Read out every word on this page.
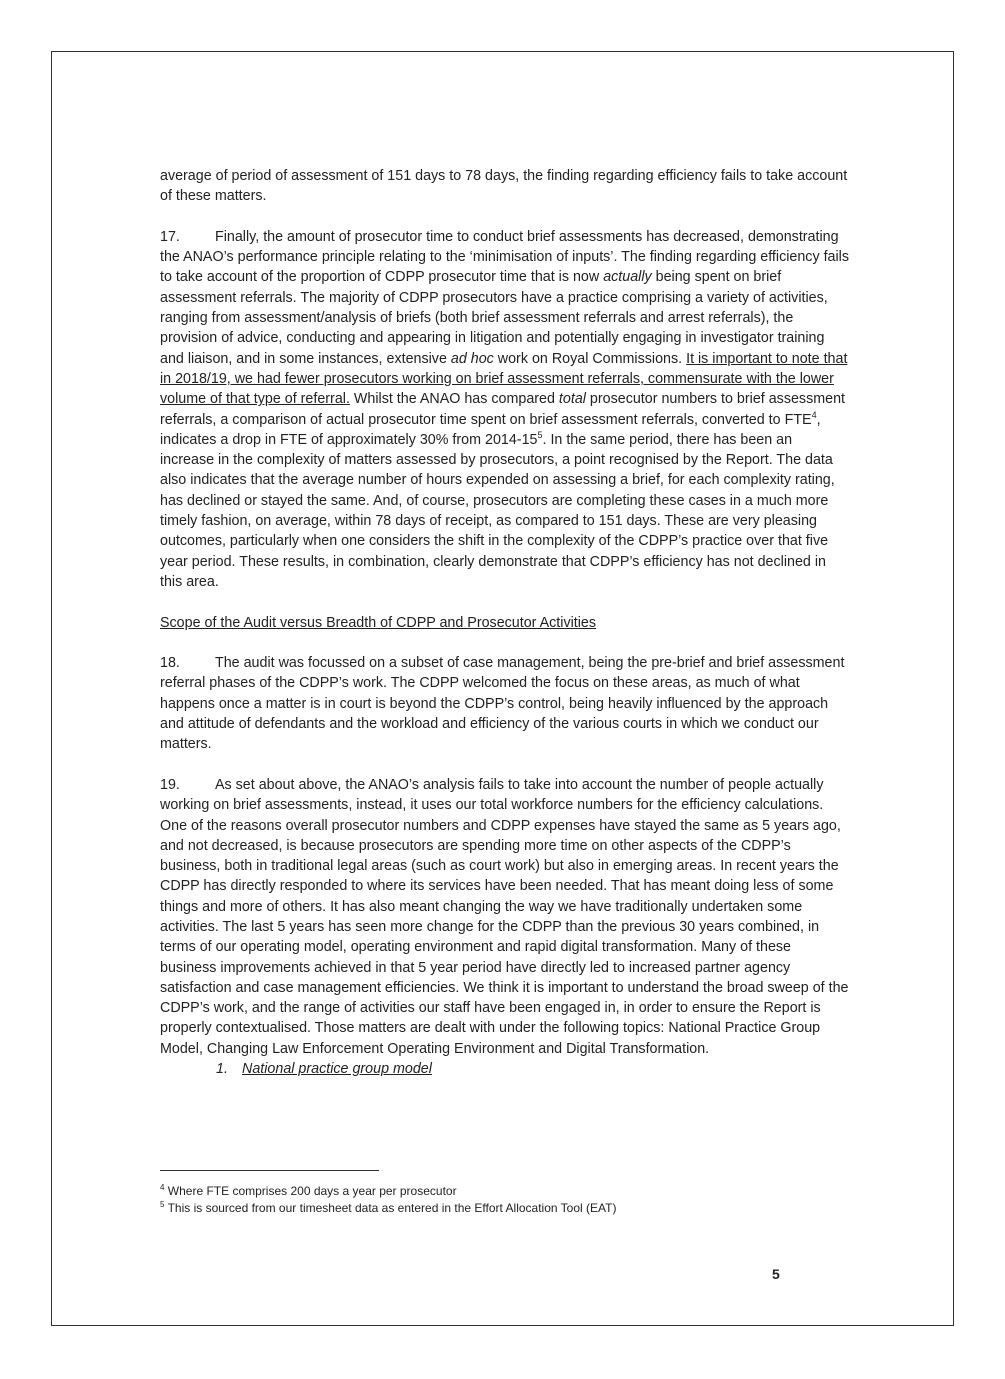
average of period of assessment of 151 days to 78 days, the finding regarding efficiency fails to take account of these matters.

17. Finally, the amount of prosecutor time to conduct brief assessments has decreased, demonstrating the ANAO’s performance principle relating to the ‘minimisation of inputs’. The finding regarding efficiency fails to take account of the proportion of CDPP prosecutor time that is now actually being spent on brief assessment referrals. The majority of CDPP prosecutors have a practice comprising a variety of activities, ranging from assessment/analysis of briefs (both brief assessment referrals and arrest referrals), the provision of advice, conducting and appearing in litigation and potentially engaging in investigator training and liaison, and in some instances, extensive ad hoc work on Royal Commissions. It is important to note that in 2018/19, we had fewer prosecutors working on brief assessment referrals, commensurate with the lower volume of that type of referral. Whilst the ANAO has compared total prosecutor numbers to brief assessment referrals, a comparison of actual prosecutor time spent on brief assessment referrals, converted to FTE$^4$, indicates a drop in FTE of approximately 30% from $2014-15^5$. In the same period, there has been an increase in the complexity of matters assessed by prosecutors, a point recognised by the Report. The data also indicates that the average number of hours expended on assessing a brief, for each complexity rating, has declined or stayed the same. And, of course, prosecutors are completing these cases in a much more timely fashion, on average, within 78 days of receipt, as compared to 151 days. These are very pleasing outcomes, particularly when one considers the shift in the complexity of the CDPP’s practice over that five year period. These results, in combination, clearly demonstrate that CDPP’s efficiency has not declined in this area.

Scope of the Audit versus Breadth of CDPP and Prosecutor Activities

18. The audit was focussed on a subset of case management, being the pre-brief and brief assessment referral phases of the CDPP’s work. The CDPP welcomed the focus on these areas, as much of what happens once a matter is in court is beyond the CDPP’s control, being heavily influenced by the approach and attitude of defendants and the workload and efficiency of the various courts in which we conduct our matters.

19. As set about above, the ANAO’s analysis fails to take into account the number of people actually working on brief assessments, instead, it uses our total workforce numbers for the efficiency calculations. One of the reasons overall prosecutor numbers and CDPP expenses have stayed the same as 5 years ago, and not decreased, is because prosecutors are spending more time on other aspects of the CDPP’s business, both in traditional legal areas (such as court work) but also in emerging areas. In recent years the CDPP has directly responded to where its services have been needed. That has meant doing less of some things and more of others. It has also meant changing the way we have traditionally undertaken some activities. The last 5 years has seen more change for the CDPP than the previous 30 years combined, in terms of our operating model, operating environment and rapid digital transformation. Many of these business improvements achieved in that 5 year period have directly led to increased partner agency satisfaction and case management efficiencies. We think it is important to understand the broad sweep of the CDPP’s work, and the range of activities our staff have been engaged in, in order to ensure the Report is properly contextualised. Those matters are dealt with under the following topics: National Practice Group Model, Changing Law Enforcement Operating Environment and Digital Transformation.

1. National practice group model

$^4$ Where FTE comprises 200 days a year per prosecutor

$^5$ This is sourced from our timesheet data as entered in the Effort Allocation Tool (EAT)

5
